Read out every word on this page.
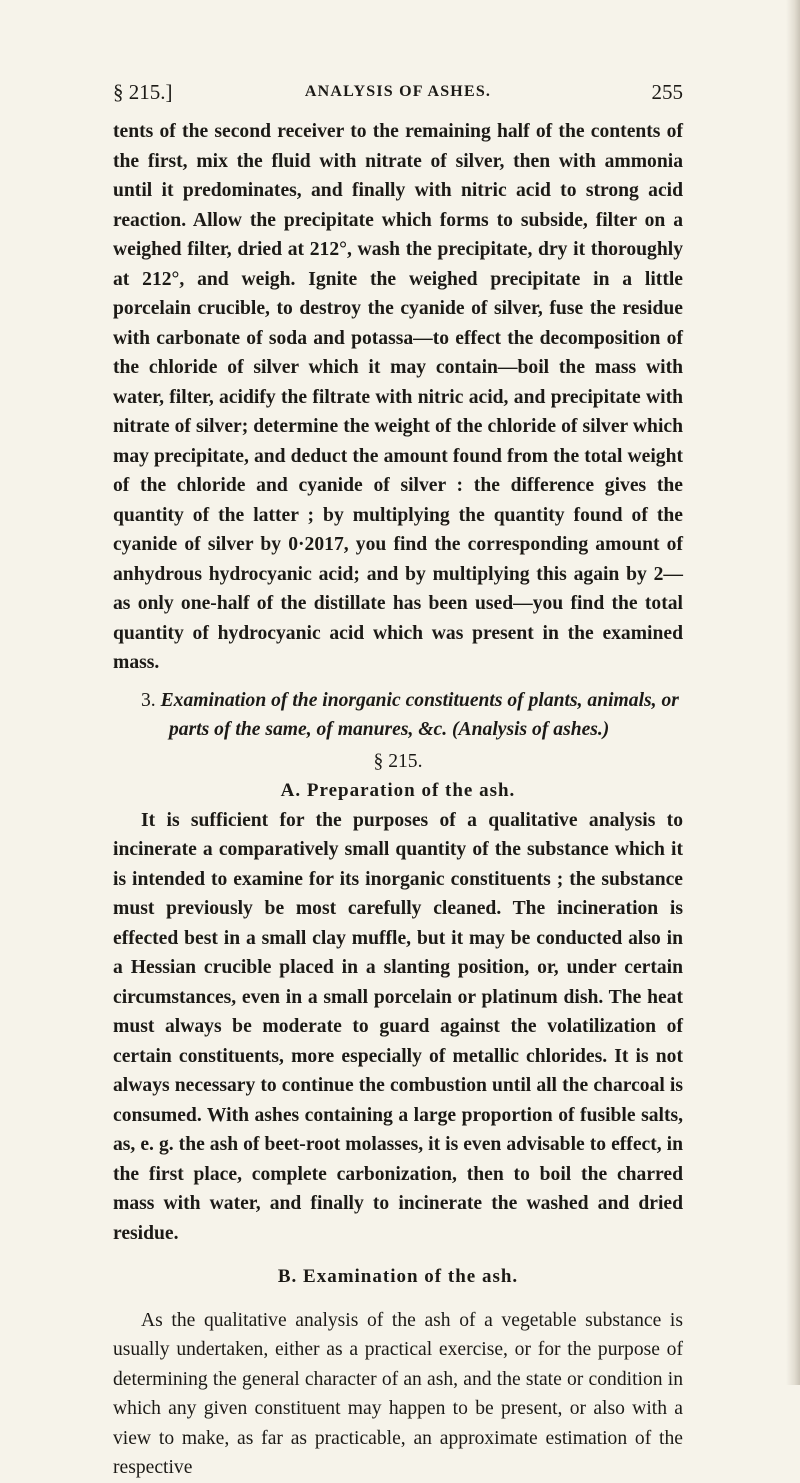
§ 215.]	ANALYSIS OF ASHES.	255

tents of the second receiver to the remaining half of the contents of the first, mix the fluid with nitrate of silver, then with ammonia until it predominates, and finally with nitric acid to strong acid reaction. Allow the precipitate which forms to subside, filter on a weighed filter, dried at 212°, wash the precipitate, dry it thoroughly at 212°, and weigh. Ignite the weighed precipitate in a little porcelain crucible, to destroy the cyanide of silver, fuse the residue with carbonate of soda and potassa—to effect the decomposition of the chloride of silver which it may contain—boil the mass with water, filter, acidify the filtrate with nitric acid, and precipitate with nitrate of silver; determine the weight of the chloride of silver which may precipitate, and deduct the amount found from the total weight of the chloride and cyanide of silver : the difference gives the quantity of the latter ; by multiplying the quantity found of the cyanide of silver by 0·2017, you find the corresponding amount of anhydrous hydrocyanic acid; and by multiplying this again by 2—as only one-half of the distillate has been used—you find the total quantity of hydrocyanic acid which was present in the examined mass.

3. Examination of the inorganic constituents of plants, animals, or parts of the same, of manures, &c. (Analysis of ashes.)

§ 215.

A. Preparation of the ash.

It is sufficient for the purposes of a qualitative analysis to incinerate a comparatively small quantity of the substance which it is intended to examine for its inorganic constituents ; the substance must previously be most carefully cleaned. The incineration is effected best in a small clay muffle, but it may be conducted also in a Hessian crucible placed in a slanting position, or, under certain circumstances, even in a small porcelain or platinum dish. The heat must always be moderate to guard against the volatilization of certain constituents, more especially of metallic chlorides. It is not always necessary to continue the combustion until all the charcoal is consumed. With ashes containing a large proportion of fusible salts, as, e. g. the ash of beet-root molasses, it is even advisable to effect, in the first place, complete carbonization, then to boil the charred mass with water, and finally to incinerate the washed and dried residue.

B. Examination of the ash.

As the qualitative analysis of the ash of a vegetable substance is usually undertaken, either as a practical exercise, or for the purpose of determining the general character of an ash, and the state or condition in which any given constituent may happen to be present, or also with a view to make, as far as practicable, an approximate estimation of the respective
